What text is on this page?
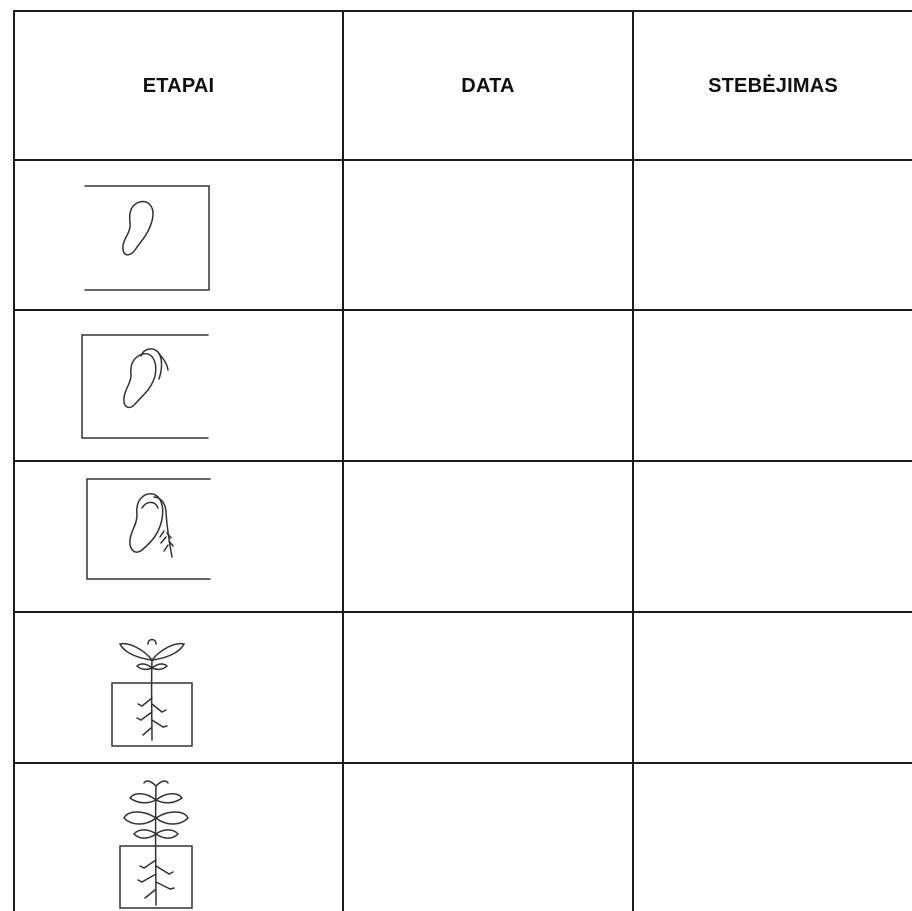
ETAPAI	DATA	STEBĖJIMAS
